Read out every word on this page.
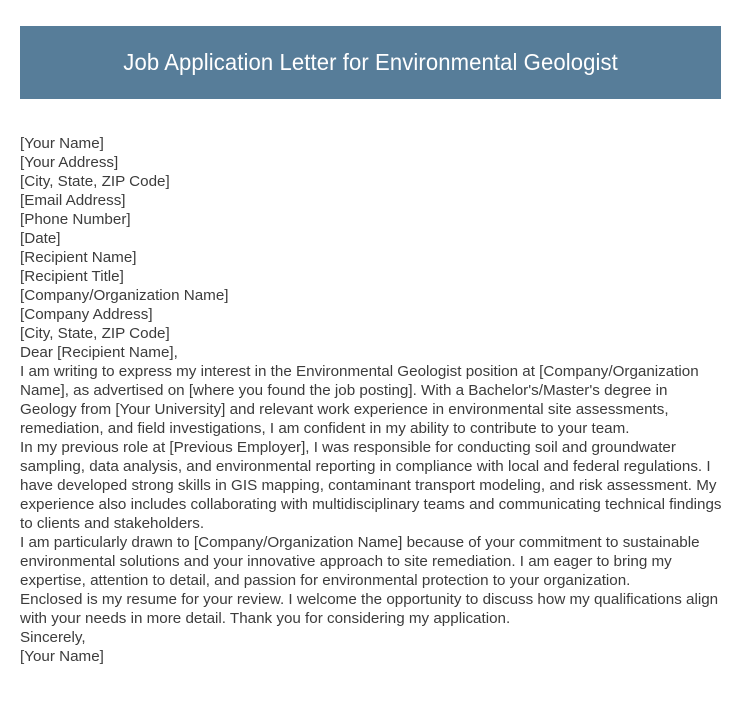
Job Application Letter for Environmental Geologist
[Your Name]
[Your Address]
[City, State, ZIP Code]
[Email Address]
[Phone Number]
[Date]
[Recipient Name]
[Recipient Title]
[Company/Organization Name]
[Company Address]
[City, State, ZIP Code]
Dear [Recipient Name],
I am writing to express my interest in the Environmental Geologist position at [Company/Organization Name], as advertised on [where you found the job posting]. With a Bachelor's/Master's degree in Geology from [Your University] and relevant work experience in environmental site assessments, remediation, and field investigations, I am confident in my ability to contribute to your team.
In my previous role at [Previous Employer], I was responsible for conducting soil and groundwater sampling, data analysis, and environmental reporting in compliance with local and federal regulations. I have developed strong skills in GIS mapping, contaminant transport modeling, and risk assessment. My experience also includes collaborating with multidisciplinary teams and communicating technical findings to clients and stakeholders.
I am particularly drawn to [Company/Organization Name] because of your commitment to sustainable environmental solutions and your innovative approach to site remediation. I am eager to bring my expertise, attention to detail, and passion for environmental protection to your organization.
Enclosed is my resume for your review. I welcome the opportunity to discuss how my qualifications align with your needs in more detail. Thank you for considering my application.
Sincerely,
[Your Name]
